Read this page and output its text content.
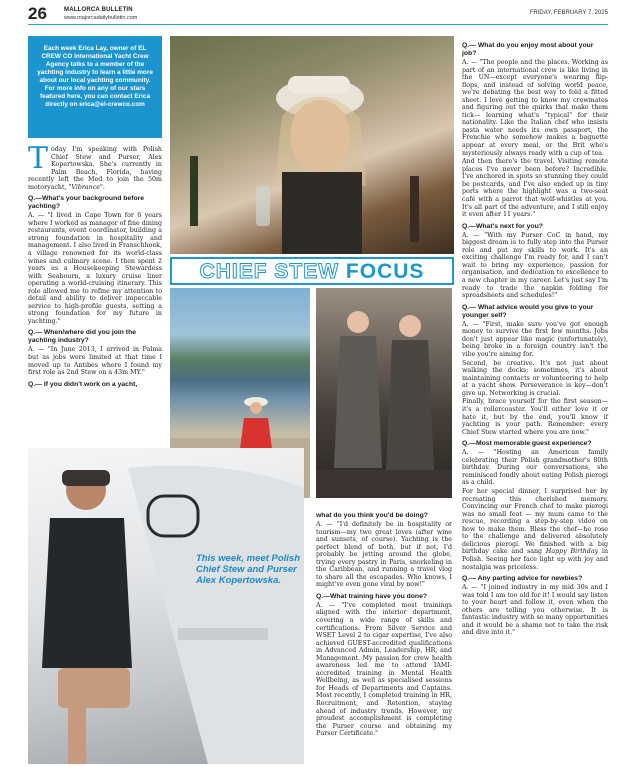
26	MALLORCA BULLETIN
www.majorcadailybulletin.com
FRIDAY, FEBRUARY 7, 2025
Each week Erica Lay, owner of EL CREW CO International Yacht Crew Agency talks to a member of the yachting industry to learn a little more about our local yachting community. For more info on any of our stars featured here, you can contact Erica directly on erica@el-crewco.com

Today I'm speaking with Polish Chief Stew and Purser, Alex Kopertowska. She's currently in Palm Beach, Florida, having recently left the Med to join the 50m motoryacht, "Vibrance".

Q.—What's your background before yachting?

A. — "I lived in Cape Town for 6 years where I worked as manager of fine dining restaurants, event coordinator, building a strong foundation in hospitality and management. I also lived in Franschhoek, a village renowned for its world-class wines and culinary scene. I then spent 2 years as a Housekeeping Stewardess with Seabourn, a luxury cruise liner operating a world-cruising itinerary. This role allowed me to refine my attention to detail and ability to deliver impeccable service to high-profile guests, setting a strong foundation for my future in yachting."

Q.— When/where did you join the yachting industry?

A. — "In June 2013, I arrived in Palma but as jobs were limited at that time I moved up to Antibes where I found my first role as 2nd Stew on a 43m MY."

Q.— If you didn't work on a yacht,
CHIEF STEW FOCUS
This week, meet Polish Chief Stew and Purser Alex Kopertowska.
what do you think you'd be doing?

A. — "I'd definitely be in hospitality or tourism—my two great loves (after wine and sunsets, of course). Yachting is the perfect blend of both, but if not, I'd probably be jetting around the globe, trying every pastry in Paris, snorkeling in the Caribbean, and running a travel vlog to share all the escapades. Who knows, I might've even gone viral by now!"

Q.—What training have you done?

A. — "I've completed most trainings aligned with the interior department, covering a wide range of skills and certifications. From Silver Service and WSET Level 2 to cigar expertise, I've also achieved GUEST-accredited qualifications in Advanced Admin, Leadership, HR, and Management. My passion for crew health awareness led me to attend IAMI-accredited training in Mental Health Wellbeing, as well as specialised sessions for Heads of Departments and Captains. Most recently, I completed training in HR, Recruitment, and Retention, staying ahead of industry trends. However, my proudest accomplishment is completing the Purser course and obtaining my Purser Certificate."

Q.— What do you enjoy most about your job?

A. — "The people and the places. Working as part of an international crew is like living in the UN—except everyone's wearing flip-flops, and instead of solving world peace, we're debating the best way to fold a fitted sheet. I love getting to know my crewmates and figuring out the quirks that make them tick— learning what's "typical" for their nationality. Like the Italian chef who insists pasta water needs its own passport, the Frenchie who somehow makes a baguette appear at every meal, or the Brit who's mysteriously always ready with a cup of tea.

And then there's the travel. Visiting remote places I've never been before? Incredible. I've anchored in spots so stunning they could be postcards, and I've also ended up in tiny ports where the highlight was a two-seat café with a parrot that wolf-whistles at you. It's all part of the adventure, and I still enjoy it even after 11 years."

Q.—What's next for you?

A. — "With my Purser CoC in hand, my biggest dream is to fully step into the Purser role and put my skills to work. It's an exciting challenge I'm ready for, and I can't wait to bring my experience, passion for organisation, and dedication to excellence to a new chapter in my career. Let's just say I'm ready to trade the napkin folding for spreadsheets and schedules!"

Q.— What advice would you give to your younger self?

A. — "First, make sure you've got enough money to survive the first few months. Jobs don't just appear like magic (unfortunately), being broke in a foreign country isn't the vibe you're aiming for.

Second, be creative. It's not just about walking the docks; sometimes, it's about maintaining contacts or volunteering to help at a yacht show. Perseverance is key—don't give up. Networking is crucial.

Finally, brace yourself for the first season—it's a rollercoaster. You'll either love it or hate it, but by the end, you'll know if yachting is your path. Remember: every Chief Stew started where you are now."

Q.—Most memorable guest experience?

A. — "Hosting an American family celebrating their Polish grandmother's 80th birthday. During our conversations, she reminisced fondly about eating Polish pierogi as a child.

For her special dinner, I surprised her by recreating this cherished memory. Convincing our French chef to make pierogi was no small feat — my mum came to the rescue, recording a step-by-step video on how to make them. Bless the chef—he rose to the challenge and delivered absolutely delicious pierogi. We finished with a big birthday cake and sang Happy Birthday in Polish. Seeing her face light up with joy and nostalgia was priceless.

Q.— Any parting advice for newbies?

A. — "I joined industry in my mid 30s and I was told I am too old for it! I would say listen to your heart and follow it, even when the others are telling you otherwise. It is fantastic industry with so many opportunities and it would be a shame not to take the risk and dive into it."
